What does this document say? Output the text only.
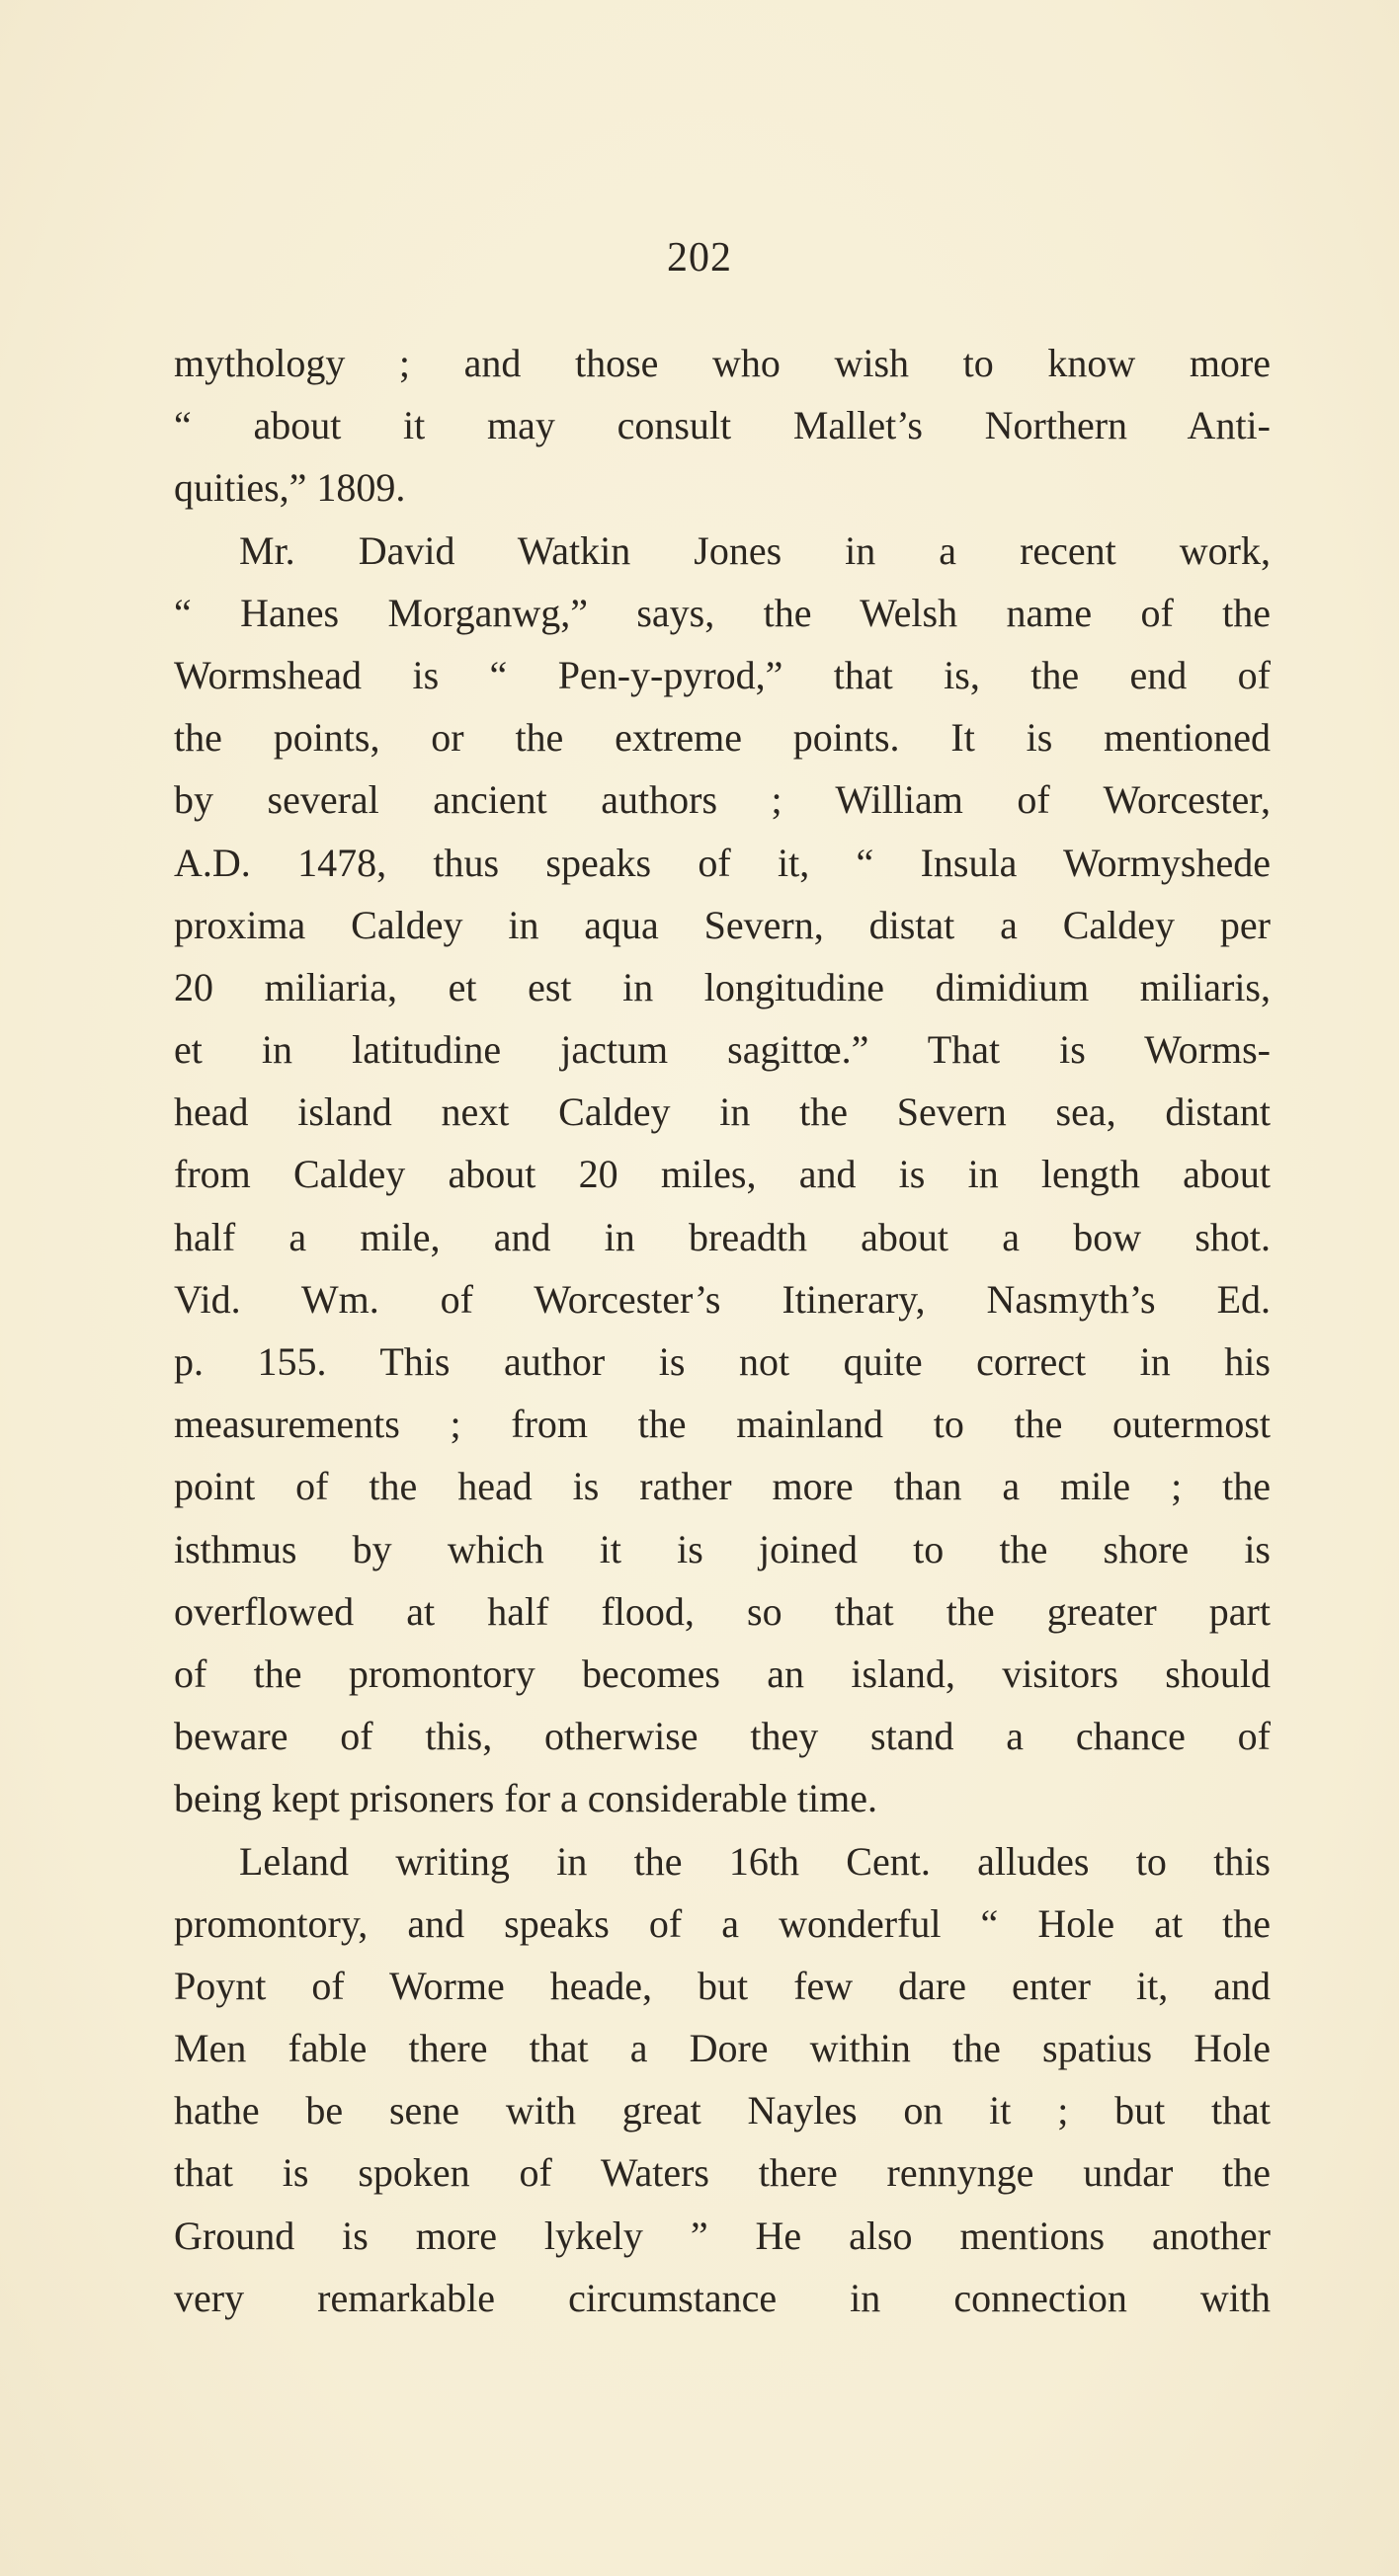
202
mythology ; and those who wish to know more
“ about it may consult Mallet’s Northern Anti-
quities,” 1809.
Mr. David Watkin Jones in a recent work,
“ Hanes Morganwg,” says, the Welsh name of the
Wormshead is “ Pen-y-pyrod,” that is, the end of
the points, or the extreme points. It is mentioned
by several ancient authors ; William of Worcester,
A.D. 1478, thus speaks of it, “ Insula Wormyshede
proxima Caldey in aqua Severn, distat a Caldey per
20 miliaria, et est in longitudine dimidium miliaris,
et in latitudine jactum sagittœ.” That is Worms-
head island next Caldey in the Severn sea, distant
from Caldey about 20 miles, and is in length about
half a mile, and in breadth about a bow shot.
Vid. Wm. of Worcester’s Itinerary, Nasmyth’s Ed.
p. 155. This author is not quite correct in his
measurements ; from the mainland to the outermost
point of the head is rather more than a mile ; the
isthmus by which it is joined to the shore is
overflowed at half flood, so that the greater part
of the promontory becomes an island, visitors should
beware of this, otherwise they stand a chance of
being kept prisoners for a considerable time.
Leland writing in the 16th Cent. alludes to this
promontory, and speaks of a wonderful “ Hole at the
Poynt of Worme heade, but few dare enter it, and
Men fable there that a Dore within the spatius Hole
hathe be sene with great Nayles on it ; but that
that is spoken of Waters there rennynge undar the
Ground is more lykely ” He also mentions another
very remarkable circumstance in connection with
